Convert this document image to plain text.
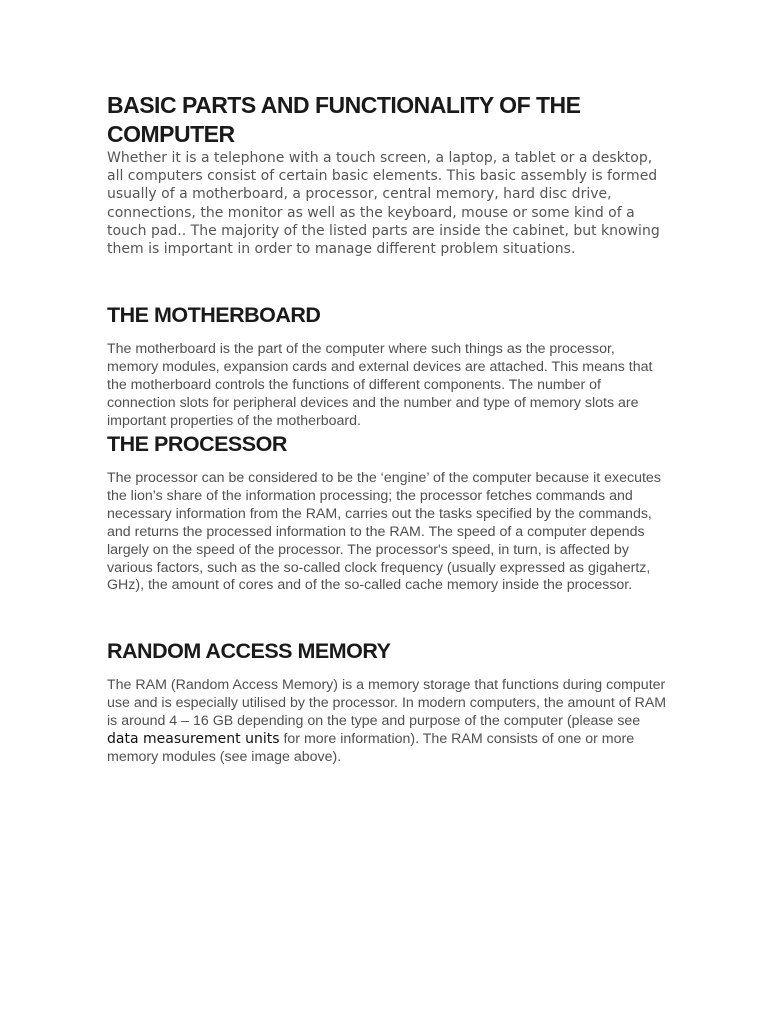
BASIC PARTS AND FUNCTIONALITY OF THE COMPUTER

Whether it is a telephone with a touch screen, a laptop, a tablet or a desktop, all computers consist of certain basic elements. This basic assembly is formed usually of a motherboard, a processor, central memory, hard disc drive, connections, the monitor as well as the keyboard, mouse or some kind of a touch pad.. The majority of the listed parts are inside the cabinet, but knowing them is important in order to manage different problem situations.

THE MOTHERBOARD

The motherboard is the part of the computer where such things as the processor, memory modules, expansion cards and external devices are attached. This means that the motherboard controls the functions of different components. The number of connection slots for peripheral devices and the number and type of memory slots are important properties of the motherboard.

THE PROCESSOR

The processor can be considered to be the ‘engine’ of the computer because it executes the lion’s share of the information processing; the processor fetches commands and necessary information from the RAM, carries out the tasks specified by the commands, and returns the processed information to the RAM. The speed of a computer depends largely on the speed of the processor. The processor's speed, in turn, is affected by various factors, such as the so-called clock frequency (usually expressed as gigahertz, GHz), the amount of cores and of the so-called cache memory inside the processor.

RANDOM ACCESS MEMORY

The RAM (Random Access Memory) is a memory storage that functions during computer use and is especially utilised by the processor. In modern computers, the amount of RAM is around 4 – 16 GB depending on the type and purpose of the computer (please see data measurement units for more information). The RAM consists of one or more memory modules (see image above).
